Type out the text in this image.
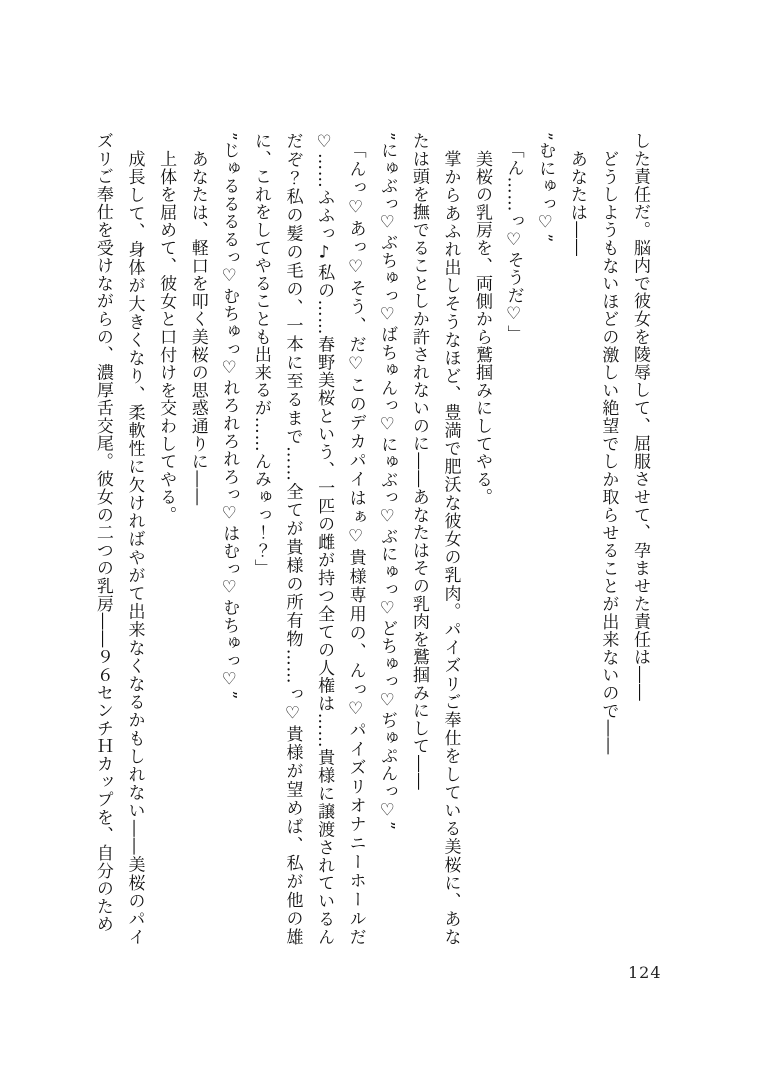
した責任だ。脳内で彼女を陵辱して、屈服させて、孕ませた責任は――

どうしようもないほどの激しい絶望でしか取らせることが出来ないので――

あなたは――

”むにゅっ♡”

「ん……っ♡そうだ♡」

美桜の乳房を、両側から鷲掴みにしてやる。

掌からあふれ出しそうなほど、豊満で肥沃な彼女の乳肉。パイズリご奉仕をしている美桜に、あなたは頭を撫でることしか許されないのに――あなたはその乳肉を鷲掴みにして――

”にゅぶっ♡ぶちゅっ♡ばちゅんっ♡にゅぶっ♡ぶにゅっ♡どちゅっ♡ぢゅぷんっ♡”

「んっ♡あっ♡そう、だ♡このデカパイはぁ♡貴様専用の、んっ♡パイズリオナニーホールだ♡……ふふっ♪私の……春野美桜という、一匹の雌が持つ全ての人権は……貴様に譲渡されているんだぞ？私の髪の毛の、一本に至るまで……全てが貴様の所有物……っ♡貴様が望めば、私が他の雄に、これをしてやることも出来るが……んみゅっ！？」

”じゅるるるるっ♡むちゅっ♡れろれろれろっ♡はむっ♡むちゅっ♡”

あなたは、軽口を叩く美桜の思惑通りに――

上体を屈めて、彼女と口付けを交わしてやる。

成長して、身体が大きくなり、柔軟性に欠ければやがて出来なくなるかもしれない――美桜のパイズリご奉仕を受けながらの、濃厚舌交尾。彼女の二つの乳房――９６センチＨカップを、自分のため

124
